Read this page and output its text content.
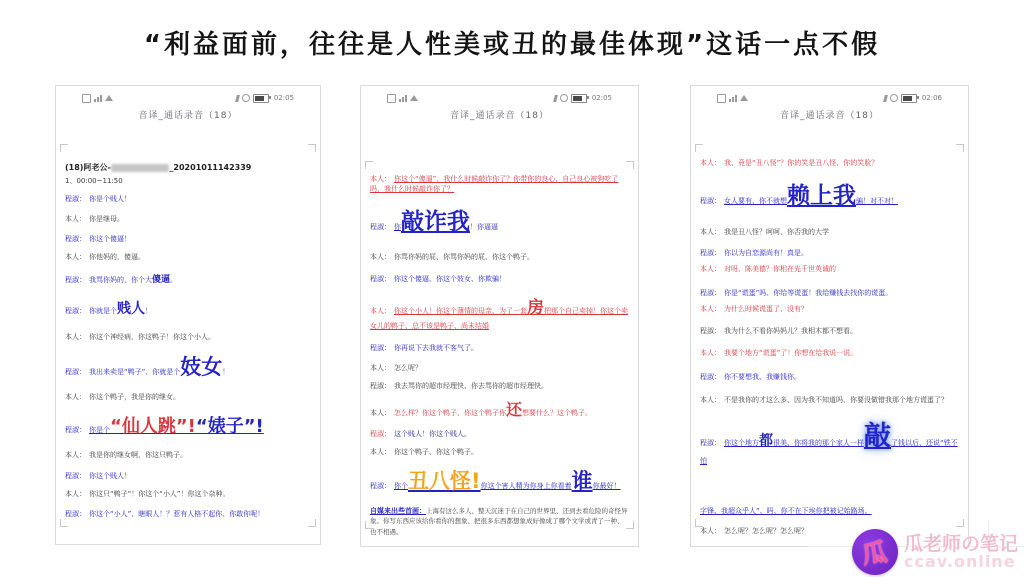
“利益面前，往往是人性美或丑的最佳体现”这话一点不假
02:05
音译_通话录音（18）
(18)阿老公-	_20201011142339
1、00:00~11:50
程淑： 你是个贱人！
本人： 你是继母。
程淑： 你这个傻逼！
本人： 你他妈的，傻逼。
程淑： 我骂你妈的，你个大傻逼。
程淑： 你就是个贱人！
本人： 你这个神经病，你这鸭子！你这个小人。
程淑： 我出来卖是“鸭子”、你就是个妓女！
本人： 你这个鸭子，我是你的继女。
程淑： 你是个“仙人跳”!“婊子”!
本人： 我是你的继女啊，你这只鸭子。
程淑： 你这个贱人！
本人： 你这只“鸭子”！你这个“小人”！你这个杂种。
程淑： 你这个“小人”、瞎眼人！？惹有人格不起你、你敢你呢！
02:05
音译_通话录音（18）
本人： 你这个“傻逼”、我什么时候敲诈你了？你带你的良心、自己良心被狗吃了吗、我什么时候敲诈你了？
程淑： 你敲诈我！你逼逼
本人： 你骂你妈的屁、你骂你妈的屁、你这个鸭子。
程淑： 你这个傻逼、你这个妓女、你欺骗！
本人： 你这个小人！你这个薄情的母亲、为了一套房把那个自己卖掉！你这个卖女儿的鸭子、总不该是鸭子、尚未结婚
程淑： 你再说下去我就不客气了。
本人： 怎么呢？
程淑： 我去骂你的超市经理快、你去骂你的超市经理快。
本人： 怎么样？你这个鸭子、你这个鸭子你还想要什么？这个鸭子。
程淑： 这个贱人！你这个贱人。
本人： 你这个鸭子、你这个鸭子。
程淑： 你个丑八怪!你这个害人精为你身上你看着谁你最好！
自媒来出些首画：上海有这么多人、整天沉迷于在自己的世界里、还到去看危险的奇怪异象。你写东西应该给你看你的想象、把很多东西都想象成好像成了哪个文学或青了一种、也不相遇。
02:06
音译_通话录音（18）
本人： 我、竟是“丑八怪”？你的笑是丑八怪、你的笑脸？
程淑： 女人要有、你不就想赖上我骗！对不对！
本人： 我是丑八怪？呵呵、你否我的大学
程淑： 你以为自恋源尚有！真是。
本人： 对呀、陈美德？你相在先千世英诚的
程淑： 你是“谎蛋”吗、你给等谎蛋！我给赚钱去找你的谎蛋。
本人： 为什么时候谎蛋了、没有？
程淑： 我为什么不看你妈妈儿？我相木都不想看。
本人： 我要个地方“谎蛋”了！你想在给我说一说。
程淑： 你不要想我、我赚钱你。
本人： 不是我你的才这么多、因为我不知道吗、你要没做错我那个地方谎蛋了？
程淑： 你这个地方都很美、你将我的那个家人一样敲了钱以后、还说“铁不怕
字锋、我超众乎人”、吗、你不在下埃你把被记始路场。
本人： 怎么呢？怎么呢？怎么呢？
瓜 瓜老师の笔记
ccav.online
